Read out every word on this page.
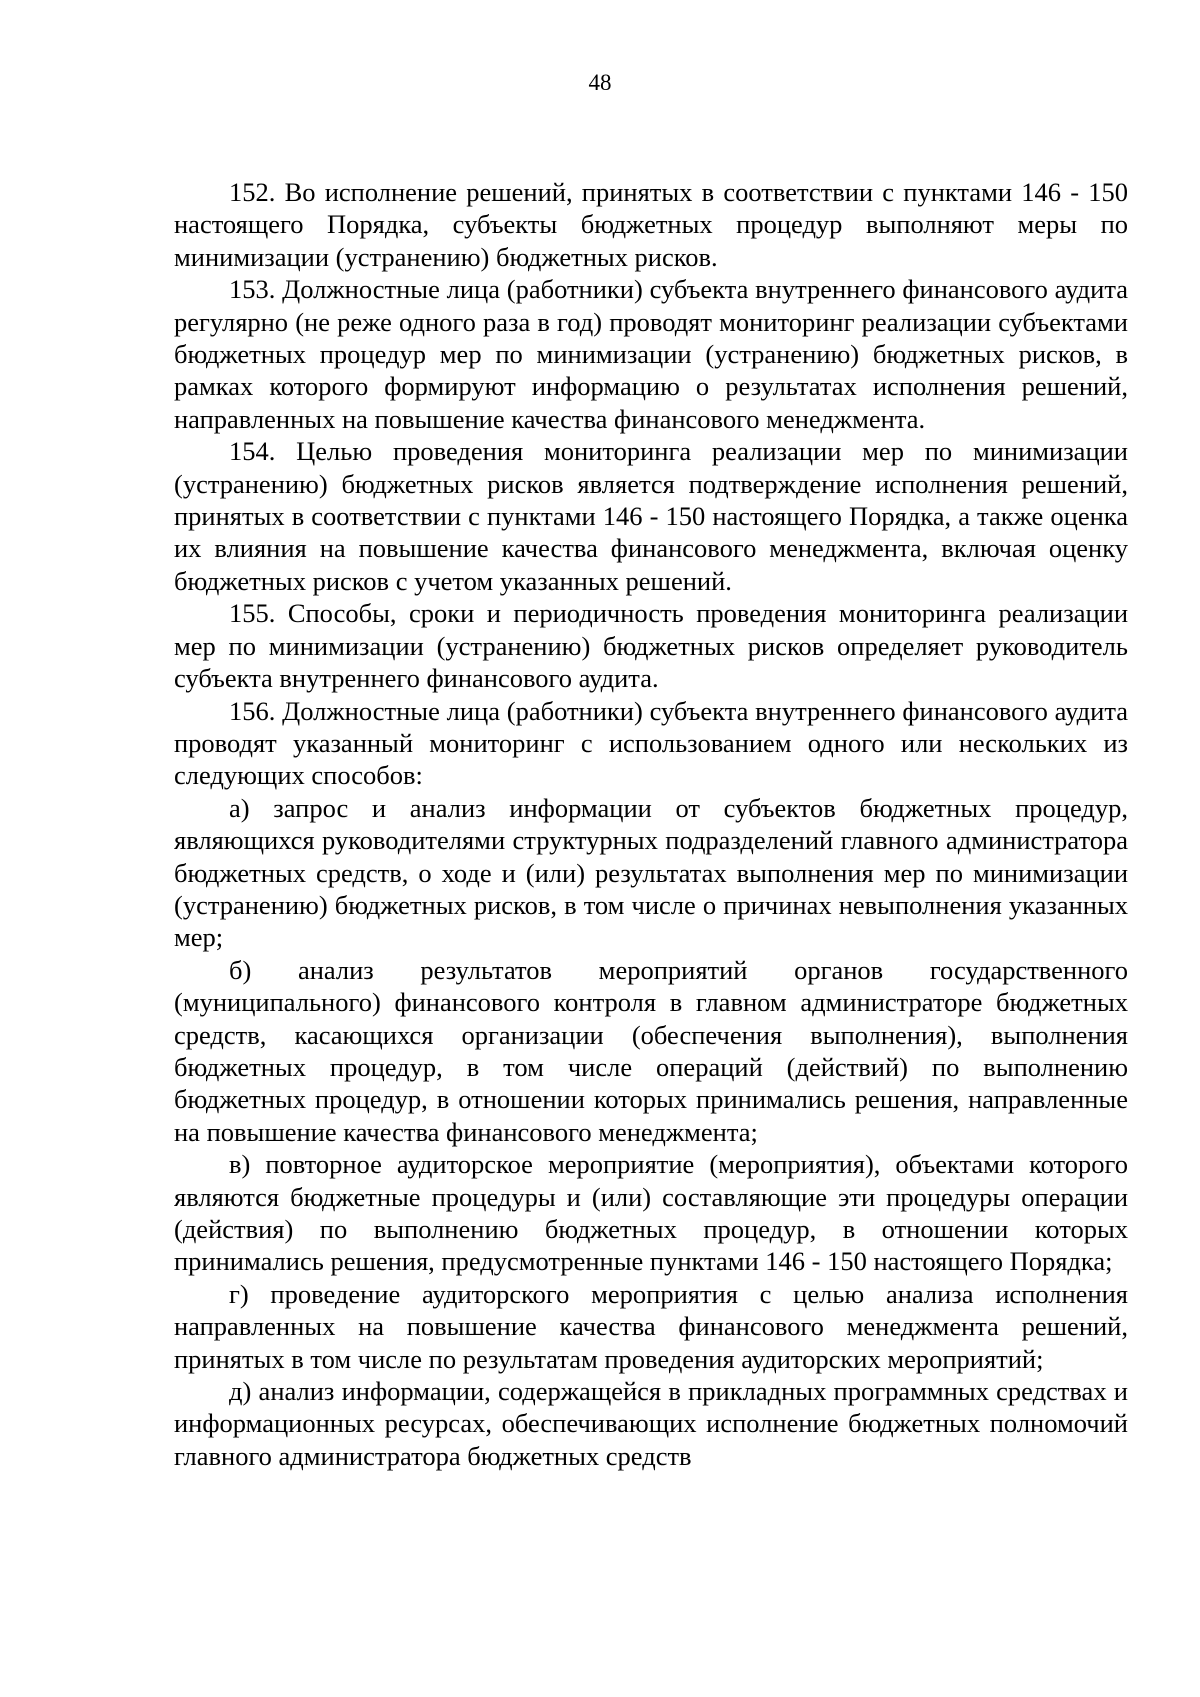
48

152. Во исполнение решений, принятых в соответствии с пунктами 146 - 150 настоящего Порядка, субъекты бюджетных процедур выполняют меры по минимизации (устранению) бюджетных рисков.

153. Должностные лица (работники) субъекта внутреннего финансового аудита регулярно (не реже одного раза в год) проводят мониторинг реализации субъектами бюджетных процедур мер по минимизации (устранению) бюджетных рисков, в рамках которого формируют информацию о результатах исполнения решений, направленных на повышение качества финансового менеджмента.

154. Целью проведения мониторинга реализации мер по минимизации (устранению) бюджетных рисков является подтверждение исполнения решений, принятых в соответствии с пунктами 146 - 150 настоящего Порядка, а также оценка их влияния на повышение качества финансового менеджмента, включая оценку бюджетных рисков с учетом указанных решений.

155. Способы, сроки и периодичность проведения мониторинга реализации мер по минимизации (устранению) бюджетных рисков определяет руководитель субъекта внутреннего финансового аудита.

156. Должностные лица (работники) субъекта внутреннего финансового аудита проводят указанный мониторинг с использованием одного или нескольких из следующих способов:

а) запрос и анализ информации от субъектов бюджетных процедур, являющихся руководителями структурных подразделений главного администратора бюджетных средств, о ходе и (или) результатах выполнения мер по минимизации (устранению) бюджетных рисков, в том числе о причинах невыполнения указанных мер;

б) анализ результатов мероприятий органов государственного (муниципального) финансового контроля в главном администраторе бюджетных средств, касающихся организации (обеспечения выполнения), выполнения бюджетных процедур, в том числе операций (действий) по выполнению бюджетных процедур, в отношении которых принимались решения, направленные на повышение качества финансового менеджмента;

в) повторное аудиторское мероприятие (мероприятия), объектами которого являются бюджетные процедуры и (или) составляющие эти процедуры операции (действия) по выполнению бюджетных процедур, в отношении которых принимались решения, предусмотренные пунктами 146 - 150 настоящего Порядка;

г) проведение аудиторского мероприятия с целью анализа исполнения направленных на повышение качества финансового менеджмента решений, принятых в том числе по результатам проведения аудиторских мероприятий;

д) анализ информации, содержащейся в прикладных программных средствах и информационных ресурсах, обеспечивающих исполнение бюджетных полномочий главного администратора бюджетных средств
